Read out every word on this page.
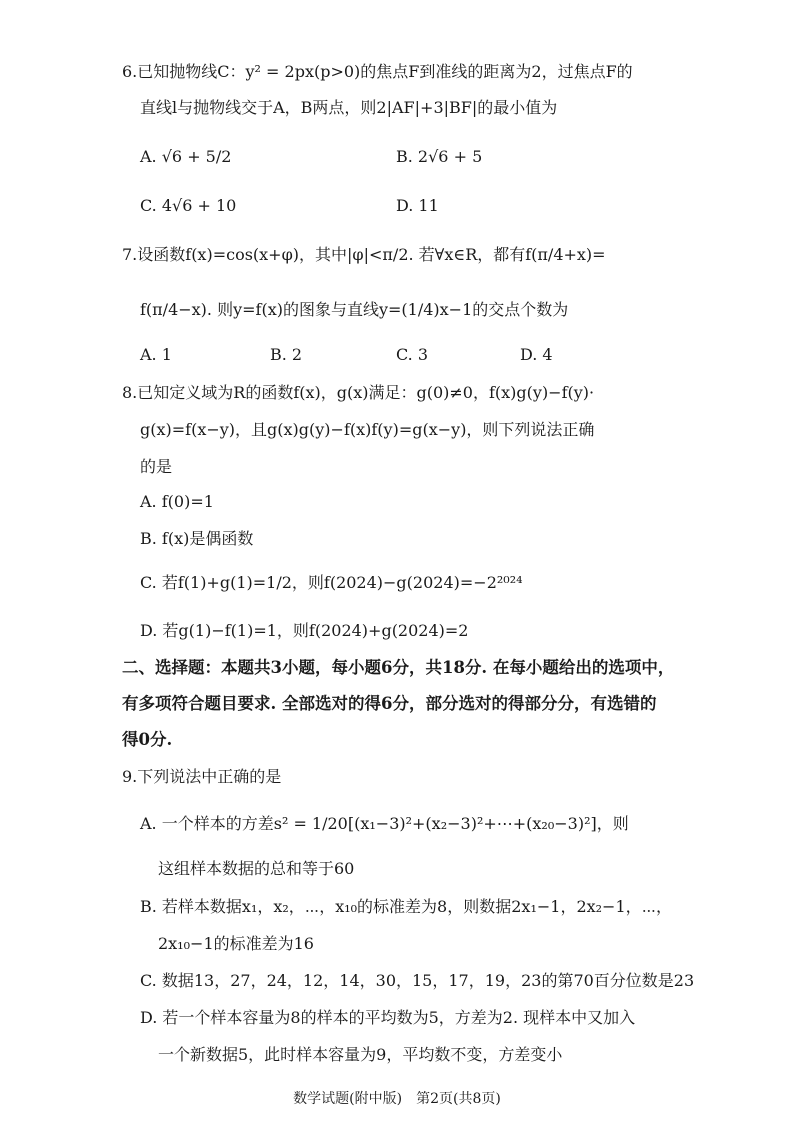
6.已知抛物线C：y² = 2px(p>0)的焦点F到准线的距离为2，过焦点F的
直线l与抛物线交于A，B两点，则2|AF|+3|BF|的最小值为
A. √6 + 5/2	B. 2√6 + 5
C. 4√6 + 10	D. 11
7.设函数f(x)=cos(x+φ)，其中|φ|<π/2. 若∀x∈R，都有f(π/4+x)=
f(π/4−x). 则y=f(x)的图象与直线y=(1/4)x−1的交点个数为
A. 1	B. 2	C. 3	D. 4
8.已知定义域为R的函数f(x)，g(x)满足：g(0)≠0，f(x)g(y)−f(y)·
g(x)=f(x−y)，且g(x)g(y)−f(x)f(y)=g(x−y)，则下列说法正确
的是
A. f(0)=1
B. f(x)是偶函数
C. 若f(1)+g(1)=1/2，则f(2024)−g(2024)=−2²⁰²⁴
D. 若g(1)−f(1)=1，则f(2024)+g(2024)=2
二、选择题：本题共3小题，每小题6分，共18分. 在每小题给出的选项中，
有多项符合题目要求. 全部选对的得6分，部分选对的得部分分，有选错的
得0分.
9.下列说法中正确的是
A. 一个样本的方差s² = 1/20[(x₁−3)²+(x₂−3)²+⋯+(x₂₀−3)²]，则
这组样本数据的总和等于60
B. 若样本数据x₁，x₂，⋯，x₁₀的标准差为8，则数据2x₁−1，2x₂−1，⋯，
2x₁₀−1的标准差为16
C. 数据13，27，24，12，14，30，15，17，19，23的第70百分位数是23
D. 若一个样本容量为8的样本的平均数为5，方差为2. 现样本中又加入
一个新数据5，此时样本容量为9，平均数不变，方差变小
数学试题(附中版)　第2页(共8页)
